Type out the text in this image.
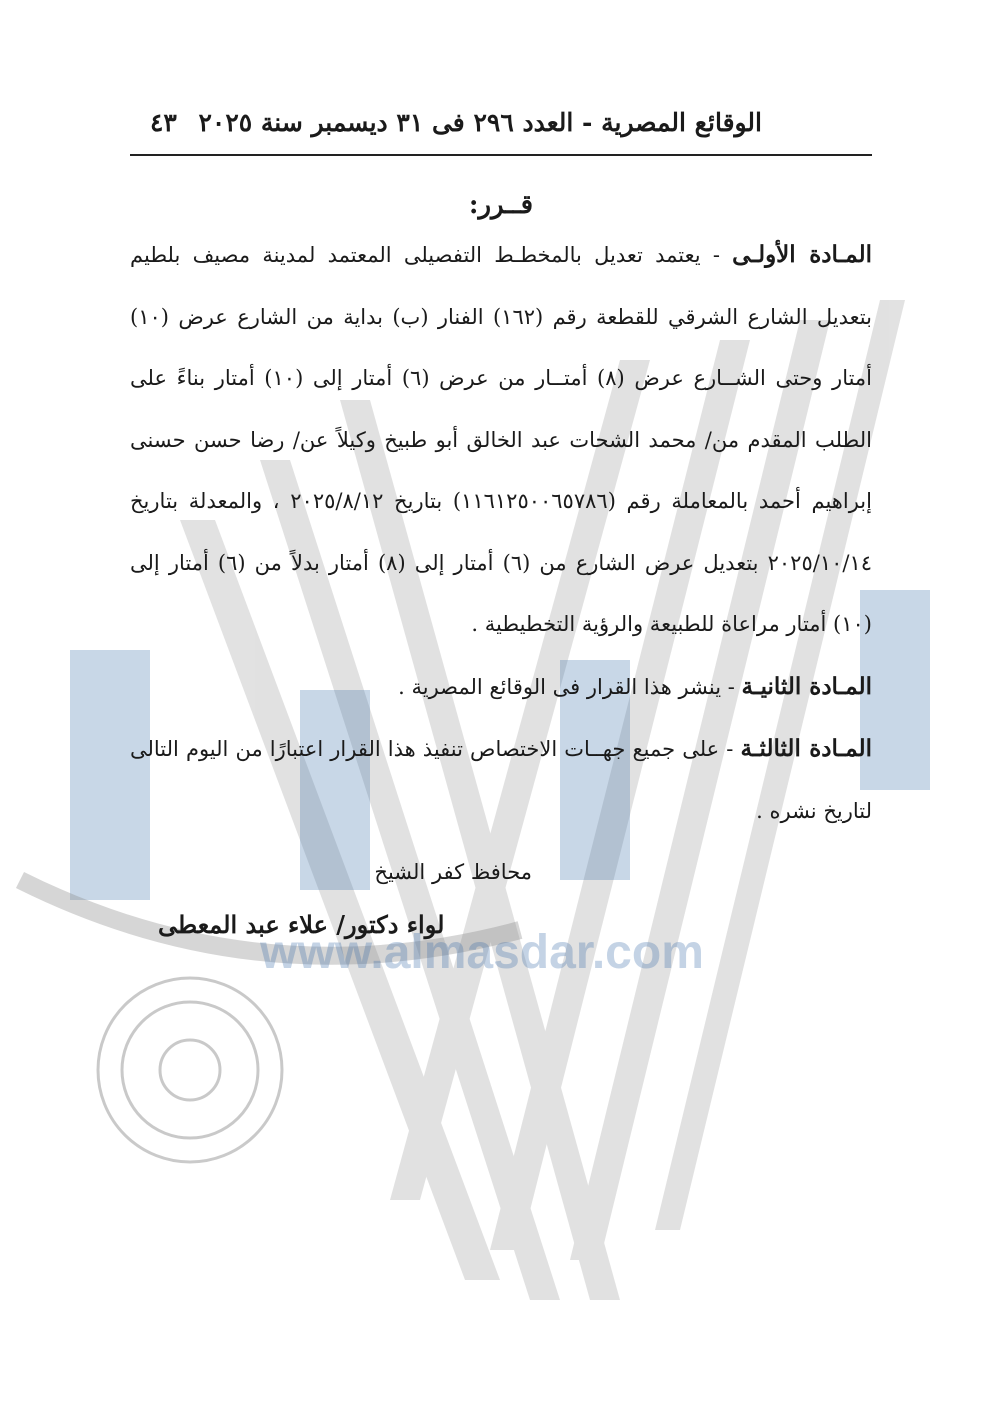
www.almasdar.com
الوقائع المصرية - العدد ٢٩٦ فى ٣١ ديسمبر سنة ٢٠٢٥
٤٣
قــرر:

المـادة الأولـى - يعتمد تعديل بالمخطـط التفصيلى المعتمد لمدينة مصيف بلطيم بتعديل الشارع الشرقي للقطعة رقم (١٦٢) الفنار (ب) بداية من الشارع عرض (١٠) أمتار وحتى الشــارع عرض (٨) أمتــار من عرض (٦) أمتار إلى (١٠) أمتار بناءً على الطلب المقدم من/ محمد الشحات عبد الخالق أبو طبيخ وكيلاً عن/ رضا حسن حسنى إبراهيم أحمد بالمعاملة رقم (١١٦١٢٥٠٠٦٥٧٨٦) بتاريخ ٢٠٢٥/٨/١٢ ، والمعدلة بتاريخ ٢٠٢٥/١٠/١٤ بتعديل عرض الشارع من (٦) أمتار إلى (٨) أمتار بدلاً من (٦) أمتار إلى (١٠) أمتار مراعاة للطبيعة والرؤية التخطيطية .

المـادة الثانيـة - ينشر هذا القرار فى الوقائع المصرية .

المـادة الثالثـة - على جميع جهــات الاختصاص تنفيذ هذا القرار اعتبارًا من اليوم التالى لتاريخ نشره .

محافظ كفر الشيخ
لواء دكتور/ علاء عبد المعطى
